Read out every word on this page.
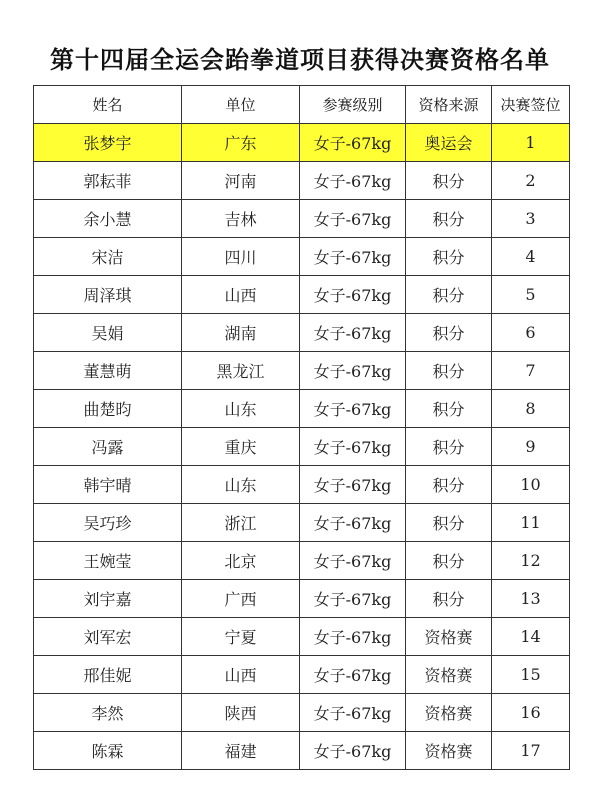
第十四届全运会跆拳道项目获得决赛资格名单
姓名	单位	参赛级别	资格来源	决赛签位
张梦宇	广东	女子-67kg	奥运会	1
郭耘菲	河南	女子-67kg	积分	2
余小慧	吉林	女子-67kg	积分	3
宋洁	四川	女子-67kg	积分	4
周泽琪	山西	女子-67kg	积分	5
吴娟	湖南	女子-67kg	积分	6
董慧萌	黑龙江	女子-67kg	积分	7
曲楚昀	山东	女子-67kg	积分	8
冯露	重庆	女子-67kg	积分	9
韩宇晴	山东	女子-67kg	积分	10
吴巧珍	浙江	女子-67kg	积分	11
王婉莹	北京	女子-67kg	积分	12
刘宇嘉	广西	女子-67kg	积分	13
刘军宏	宁夏	女子-67kg	资格赛	14
邢佳妮	山西	女子-67kg	资格赛	15
李然	陕西	女子-67kg	资格赛	16
陈霖	福建	女子-67kg	资格赛	17
